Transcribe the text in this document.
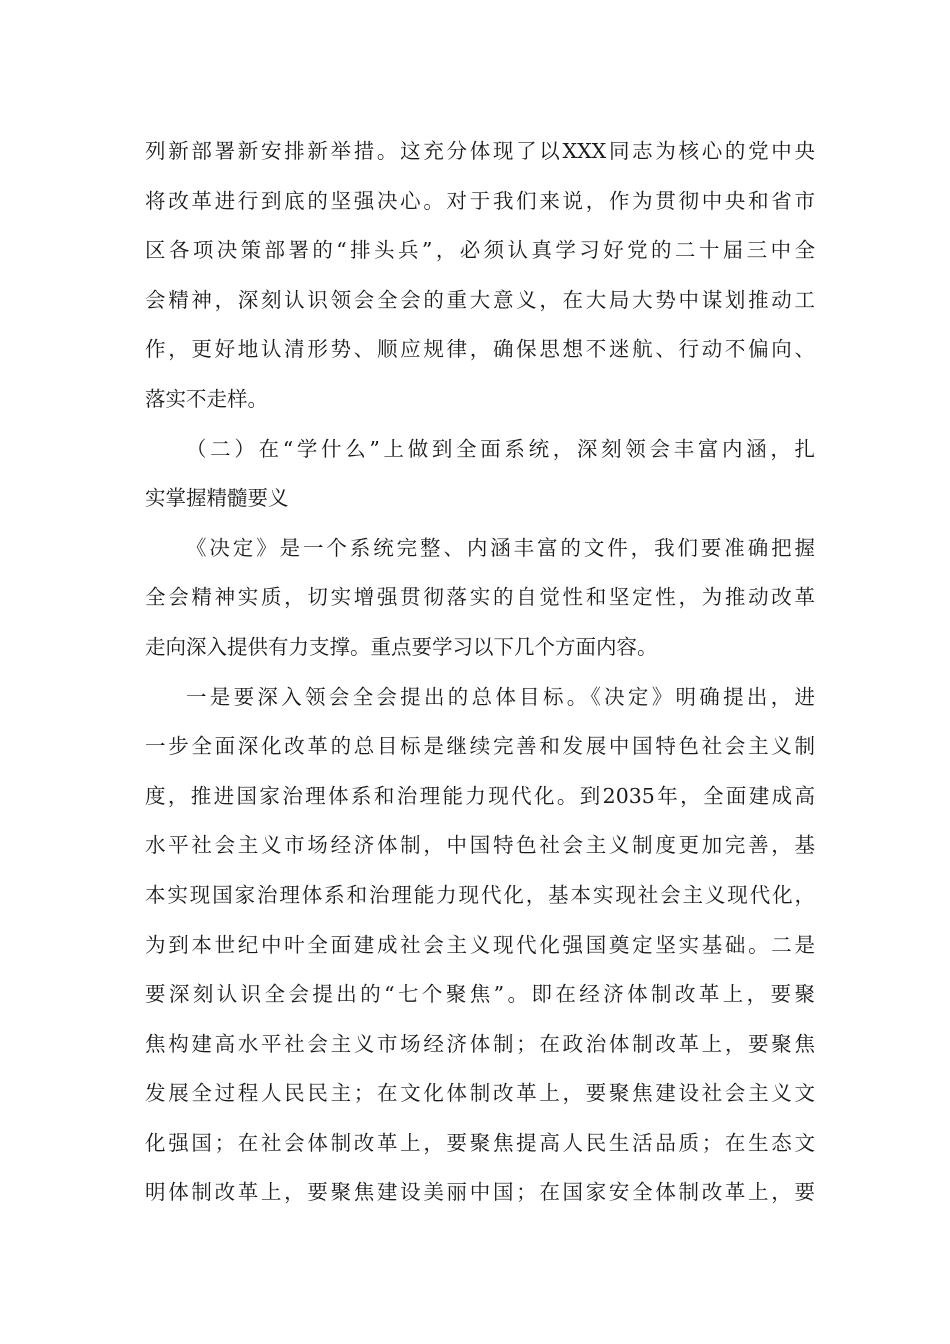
列新部署新安排新举措。这充分体现了以XXX同志为核心的党中央
将改革进行到底的坚强决心。对于我们来说，作为贯彻中央和省市
区各项决策部署的“排头兵”，必须认真学习好党的二十届三中全
会精神，深刻认识领会全会的重大意义，在大局大势中谋划推动工
作，更好地认清形势、顺应规律，确保思想不迷航、行动不偏向、
落实不走样。
（二）在“学什么”上做到全面系统，深刻领会丰富内涵，扎
实掌握精髓要义
《决定》是一个系统完整、内涵丰富的文件，我们要准确把握
全会精神实质，切实增强贯彻落实的自觉性和坚定性，为推动改革
走向深入提供有力支撑。重点要学习以下几个方面内容。
一是要深入领会全会提出的总体目标。《决定》明确提出，进
一步全面深化改革的总目标是继续完善和发展中国特色社会主义制
度，推进国家治理体系和治理能力现代化。到2035年，全面建成高
水平社会主义市场经济体制，中国特色社会主义制度更加完善，基
本实现国家治理体系和治理能力现代化，基本实现社会主义现代化，
为到本世纪中叶全面建成社会主义现代化强国奠定坚实基础。二是
要深刻认识全会提出的“七个聚焦”。即在经济体制改革上，要聚
焦构建高水平社会主义市场经济体制；在政治体制改革上，要聚焦
发展全过程人民民主；在文化体制改革上，要聚焦建设社会主义文
化强国；在社会体制改革上，要聚焦提高人民生活品质；在生态文
明体制改革上，要聚焦建设美丽中国；在国家安全体制改革上，要
